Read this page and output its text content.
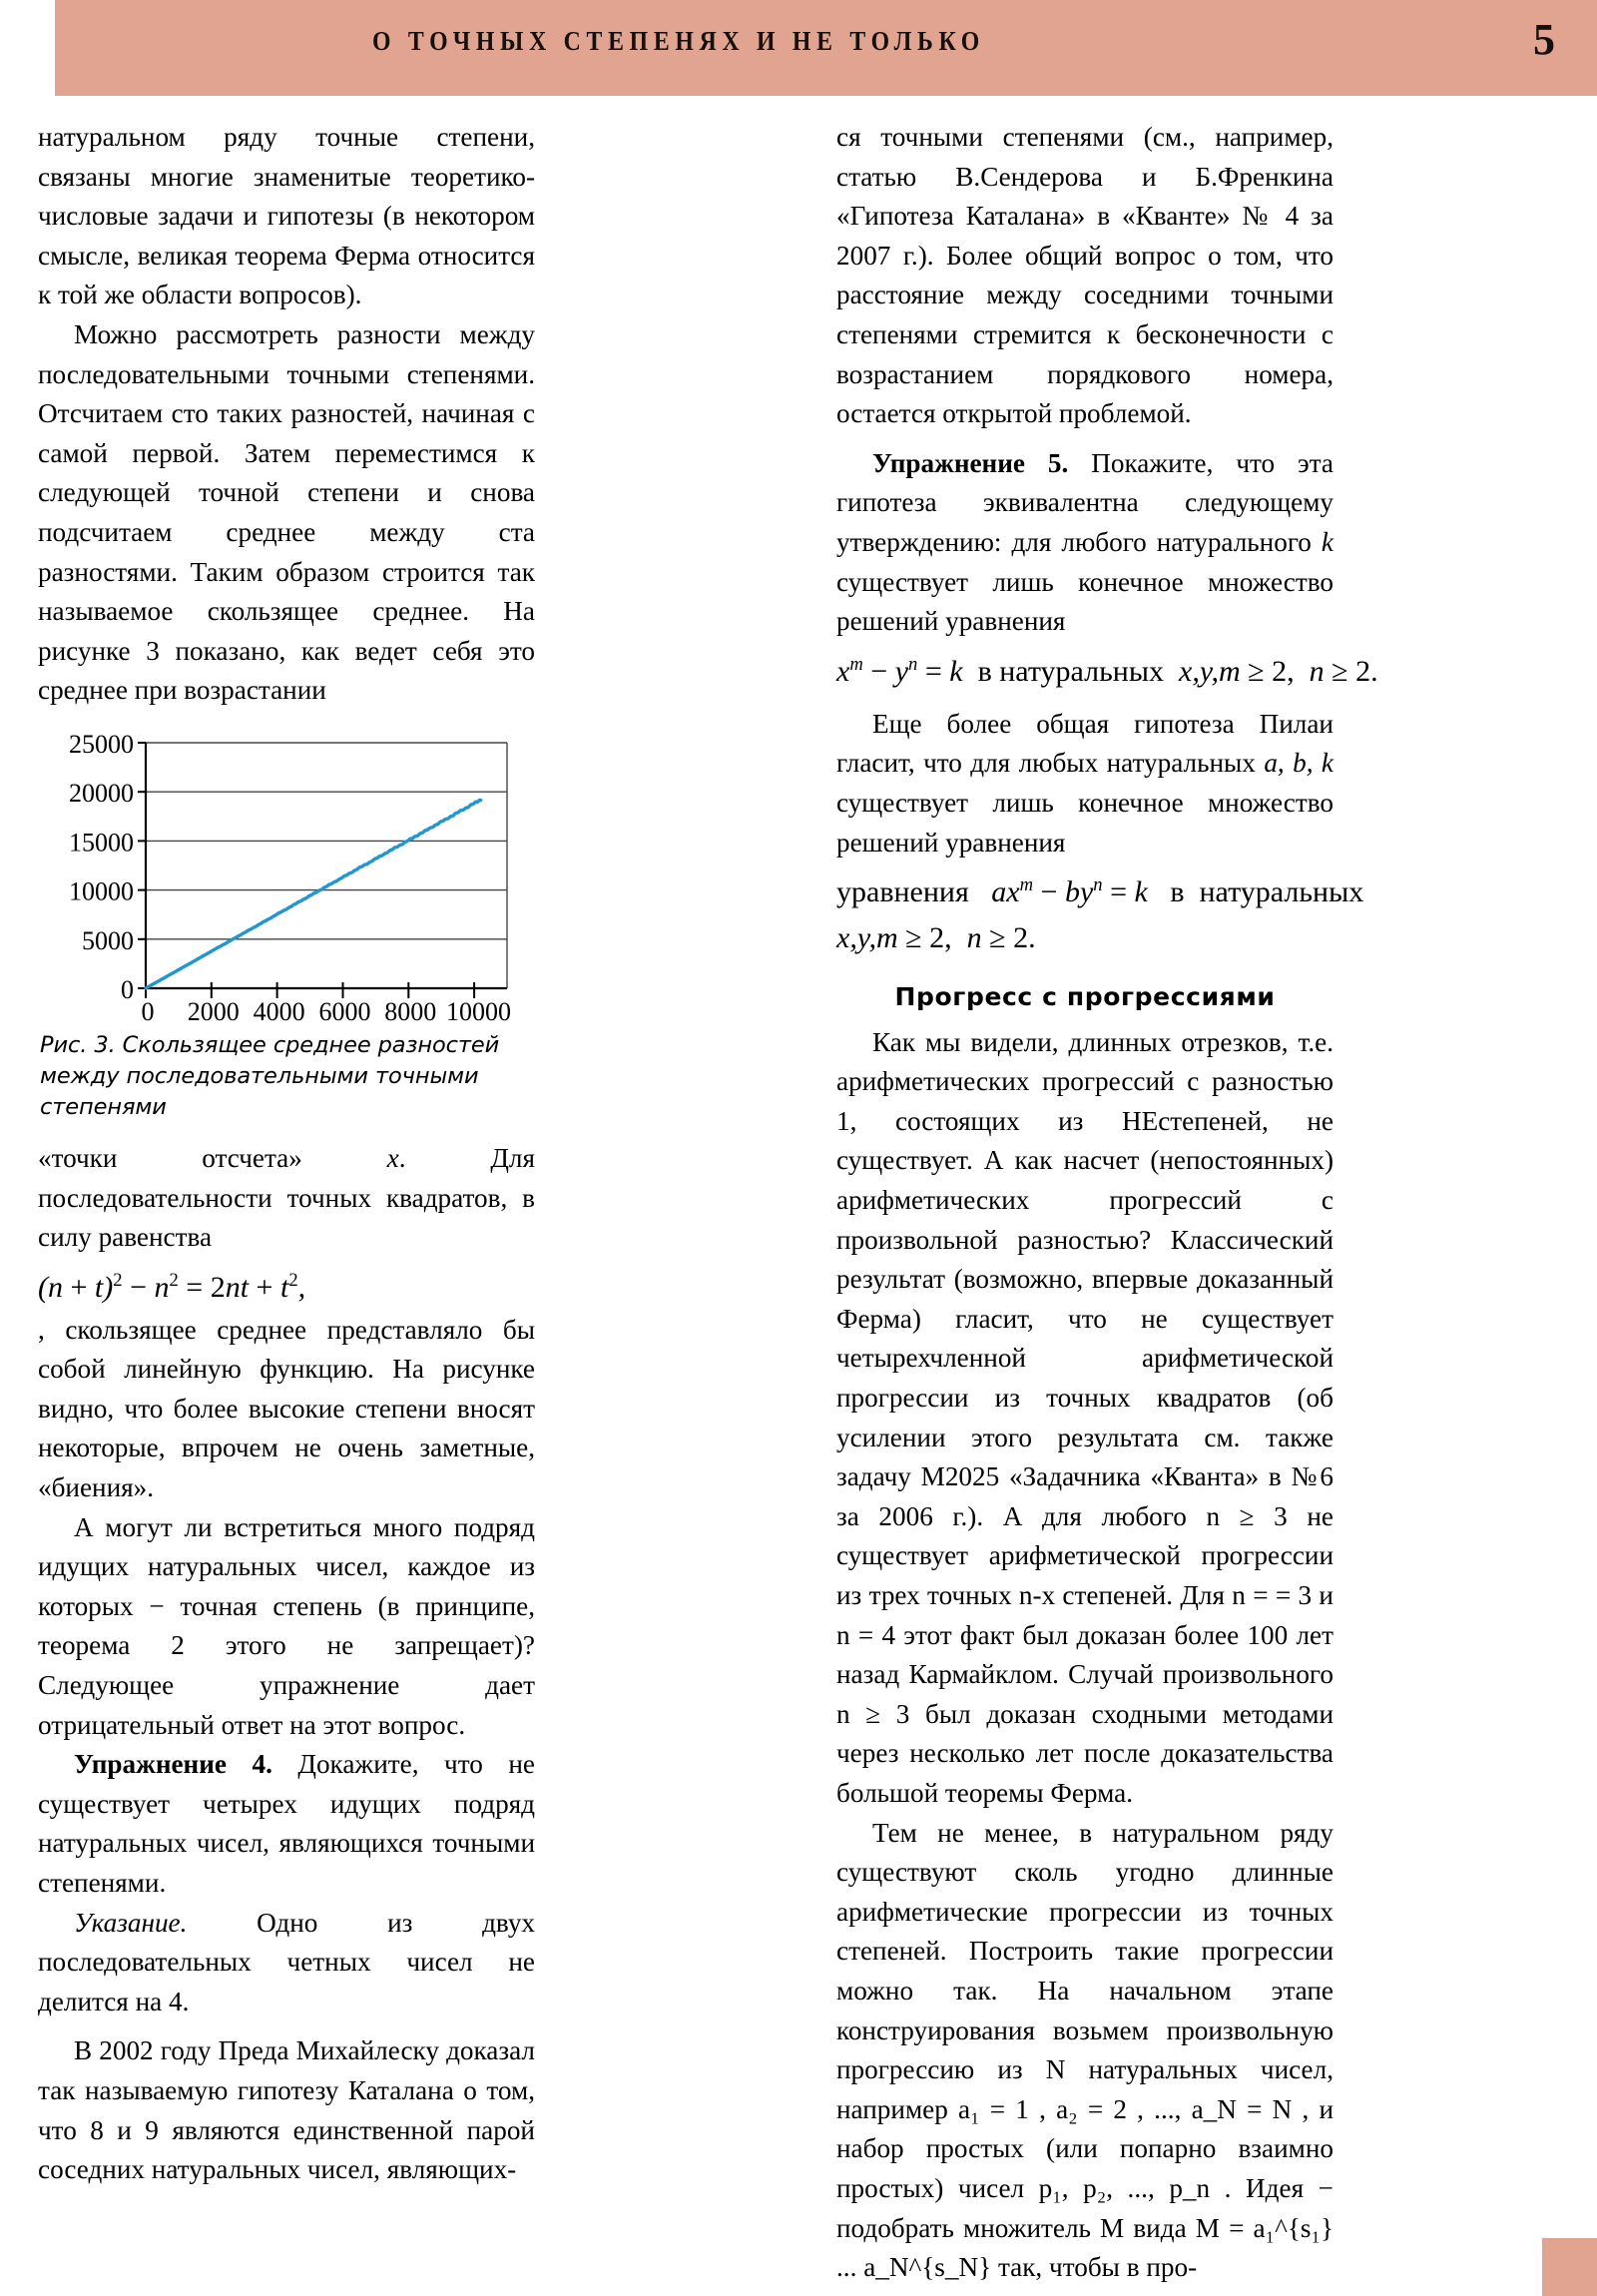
О ТОЧНЫХ СТЕПЕНЯХ И НЕ ТОЛЬКО	5

натуральном ряду точные степени, связаны многие знаменитые теоретико-числовые задачи и гипотезы (в некотором смысле, великая теорема Ферма относится к той же области вопросов).

Можно рассмотреть разности между последовательными точными степенями. Отсчитаем сто таких разностей, начиная с самой первой. Затем переместимся к следующей точной степени и снова подсчитаем среднее между ста разностями. Таким образом строится так называемое скользящее среднее. На рисунке 3 показано, как ведет себя это среднее при возрастании

25000
20000
15000
10000
5000
0
0 2000 4000 6000 8000 10000
Рис. 3. Скользящее среднее разностей между последовательными точными степенями

«точки отсчета» x. Для последовательности точных квадратов, в силу равенства

$(n + t)^2 - n^2 = 2nt + t^2$,

, скользящее среднее представляло бы собой линейную функцию. На рисунке видно, что более высокие степени вносят некоторые, впрочем не очень заметные, «биения».

А могут ли встретиться много подряд идущих натуральных чисел, каждое из которых − точная степень (в принципе, теорема 2 этого не запрещает)? Следующее упражнение дает отрицательный ответ на этот вопрос.

Упражнение 4. Докажите, что не существует четырех идущих подряд натуральных чисел, являющихся точными степенями.

Указание.	Одно из двух последовательных четных чисел не делится на 4.

В 2002 году Преда Михайлеску доказал так называемую гипотезу Каталана о том, что 8 и 9 являются единственной парой соседних натуральных чисел, являющих-

ся точными степенями (см., например, статью В.Сендерова и Б.Френкина «Гипотеза Каталана» в «Кванте» № 4 за 2007 г.). Более общий вопрос о том, что расстояние между соседними точными степенями стремится к бесконечности с возрастанием порядкового номера, остается открытой проблемой.

Упражнение 5. Покажите, что эта гипотеза эквивалентна следующему утверждению: для любого натурального k существует лишь конечное множество решений уравнения

$x^m - y^n = k$ в натуральных x,y,m ≥ 2, n ≥ 2.

Еще более общая гипотеза Пилаи гласит, что для любых натуральных a, b, k существует лишь конечное множество решений уравнения

уравнения $ax^m - by^n = k$ в  натуральных

x,y,m ≥ 2, n ≥ 2.

Прогресс с прогрессиями

Как мы видели, длинных отрезков, т.е. арифметических прогрессий с разностью 1, состоящих из НЕстепеней, не существует. А как насчет (непостоянных) арифметических прогрессий с произвольной разностью? Классический результат (возможно, впервые доказанный Ферма) гласит, что не существует четырехчленной арифметической прогрессии из точных квадратов (об усилении этого результата см. также задачу М2025 «Задачника «Кванта» в №6 за 2006 г.). А для любого n ≥ 3 не существует арифметической прогрессии из трех точных n-х степеней. Для n = = 3 и n = 4 этот факт был доказан более 100 лет назад Кармайклом. Случай произвольного n ≥ 3 был доказан сходными методами через несколько лет после доказательства большой теоремы Ферма.

Тем не менее, в натуральном ряду существуют сколь угодно длинные арифметические прогрессии из точных степеней. Построить такие прогрессии можно так. На начальном этапе конструирования возьмем произвольную прогрессию из N натуральных чисел, например a₁ = 1 , a₂ = 2 , ..., a_N = N , и набор простых (или попарно взаимно простых) чисел p₁, p₂, ..., p_n . Идея − подобрать множитель M вида M = a₁^{s₁} ... a_N^{s_N} так, чтобы в про-
